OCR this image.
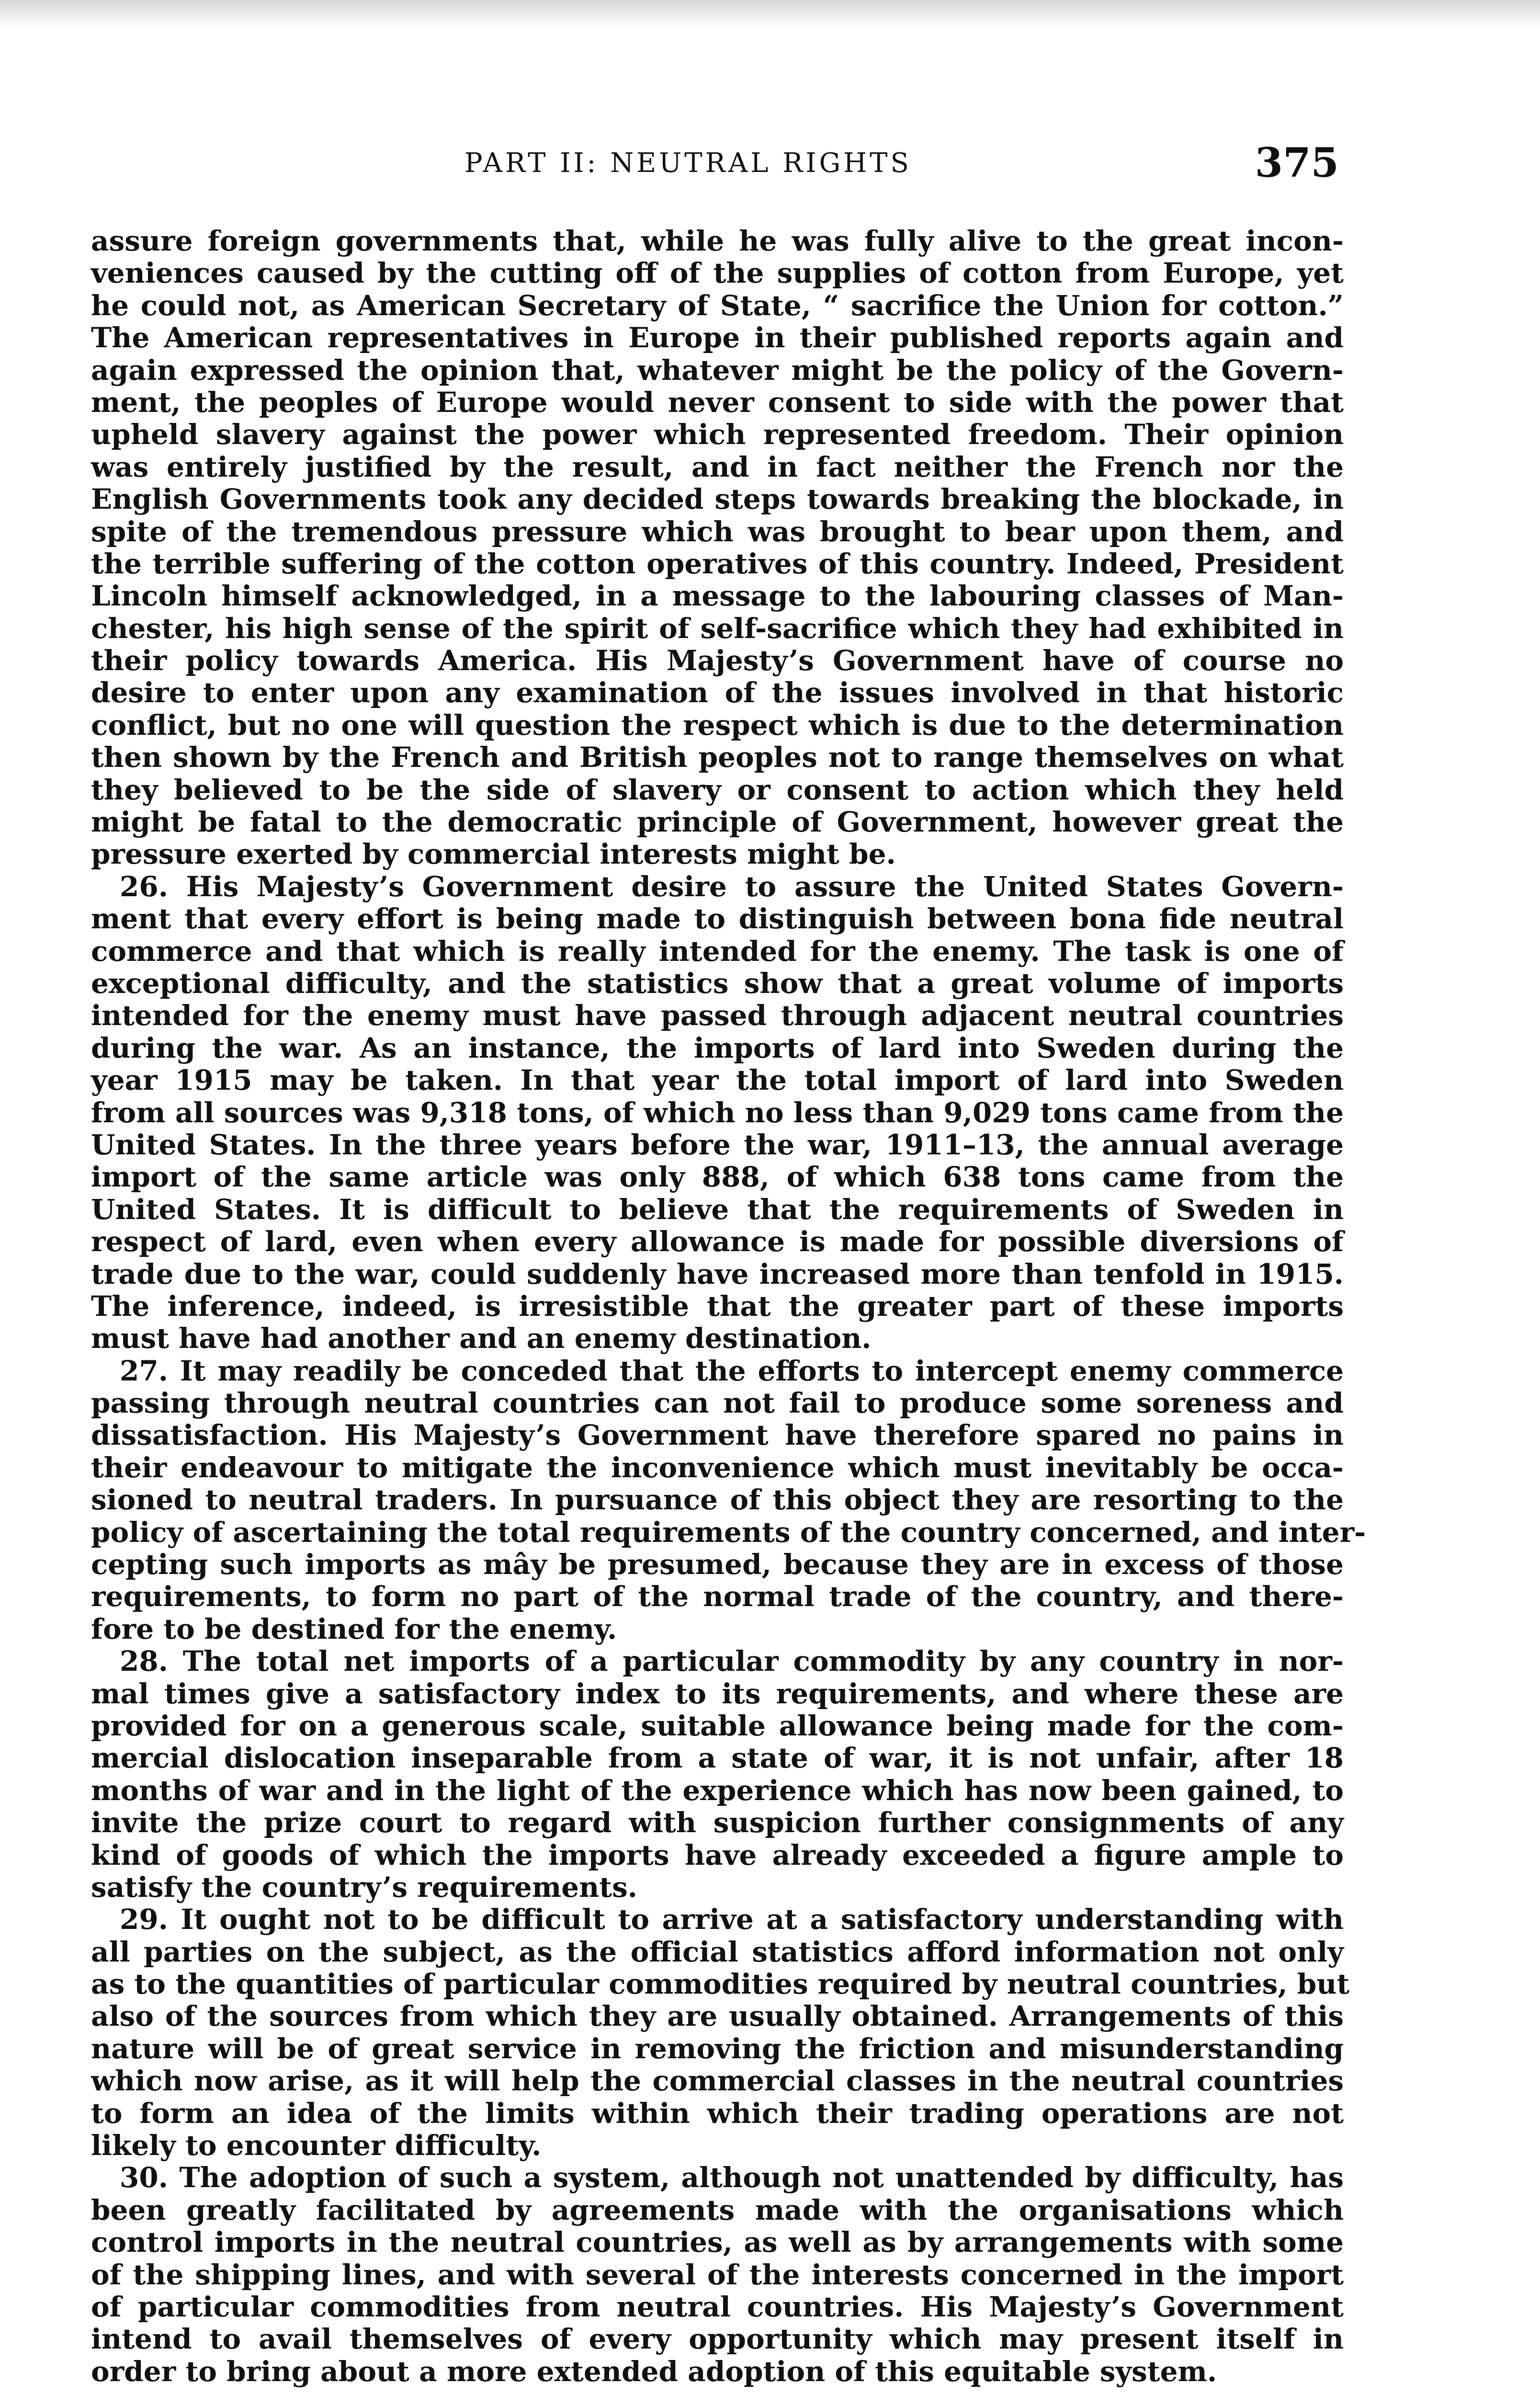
PART II: NEUTRAL RIGHTS	375
assure foreign governments that, while he was fully alive to the great incon-
veniences caused by the cutting off of the supplies of cotton from Europe, yet
he could not, as American Secretary of State, “ sacrifice the Union for cotton.”
The American representatives in Europe in their published reports again and
again expressed the opinion that, whatever might be the policy of the Govern-
ment, the peoples of Europe would never consent to side with the power that
upheld slavery against the power which represented freedom. Their opinion
was entirely justified by the result, and in fact neither the French nor the
English Governments took any decided steps towards breaking the blockade, in
spite of the tremendous pressure which was brought to bear upon them, and
the terrible suffering of the cotton operatives of this country. Indeed, President
Lincoln himself acknowledged, in a message to the labouring classes of Man-
chester, his high sense of the spirit of self-sacrifice which they had exhibited in
their policy towards America. His Majesty’s Government have of course no
desire to enter upon any examination of the issues involved in that historic
conflict, but no one will question the respect which is due to the determination
then shown by the French and British peoples not to range themselves on what
they believed to be the side of slavery or consent to action which they held
might be fatal to the democratic principle of Government, however great the
pressure exerted by commercial interests might be.
26. His Majesty’s Government desire to assure the United States Govern-
ment that every effort is being made to distinguish between bona fide neutral
commerce and that which is really intended for the enemy. The task is one of
exceptional difficulty, and the statistics show that a great volume of imports
intended for the enemy must have passed through adjacent neutral countries
during the war. As an instance, the imports of lard into Sweden during the
year 1915 may be taken. In that year the total import of lard into Sweden
from all sources was 9,318 tons, of which no less than 9,029 tons came from the
United States. In the three years before the war, 1911–13, the annual average
import of the same article was only 888, of which 638 tons came from the
United States. It is difficult to believe that the requirements of Sweden in
respect of lard, even when every allowance is made for possible diversions of
trade due to the war, could suddenly have increased more than tenfold in 1915.
The inference, indeed, is irresistible that the greater part of these imports
must have had another and an enemy destination.
27. It may readily be conceded that the efforts to intercept enemy commerce
passing through neutral countries can not fail to produce some soreness and
dissatisfaction. His Majesty’s Government have therefore spared no pains in
their endeavour to mitigate the inconvenience which must inevitably be occa-
sioned to neutral traders. In pursuance of this object they are resorting to the
policy of ascertaining the total requirements of the country concerned, and inter-
cepting such imports as mây be presumed, because they are in excess of those
requirements, to form no part of the normal trade of the country, and there-
fore to be destined for the enemy.
28. The total net imports of a particular commodity by any country in nor-
mal times give a satisfactory index to its requirements, and where these are
provided for on a generous scale, suitable allowance being made for the com-
mercial dislocation inseparable from a state of war, it is not unfair, after 18
months of war and in the light of the experience which has now been gained, to
invite the prize court to regard with suspicion further consignments of any
kind of goods of which the imports have already exceeded a figure ample to
satisfy the country’s requirements.
29. It ought not to be difficult to arrive at a satisfactory understanding with
all parties on the subject, as the official statistics afford information not only
as to the quantities of particular commodities required by neutral countries, but
also of the sources from which they are usually obtained. Arrangements of this
nature will be of great service in removing the friction and misunderstanding
which now arise, as it will help the commercial classes in the neutral countries
to form an idea of the limits within which their trading operations are not
likely to encounter difficulty.
30. The adoption of such a system, although not unattended by difficulty, has
been greatly facilitated by agreements made with the organisations which
control imports in the neutral countries, as well as by arrangements with some
of the shipping lines, and with several of the interests concerned in the import
of particular commodities from neutral countries. His Majesty’s Government
intend to avail themselves of every opportunity which may present itself in
order to bring about a more extended adoption of this equitable system.
